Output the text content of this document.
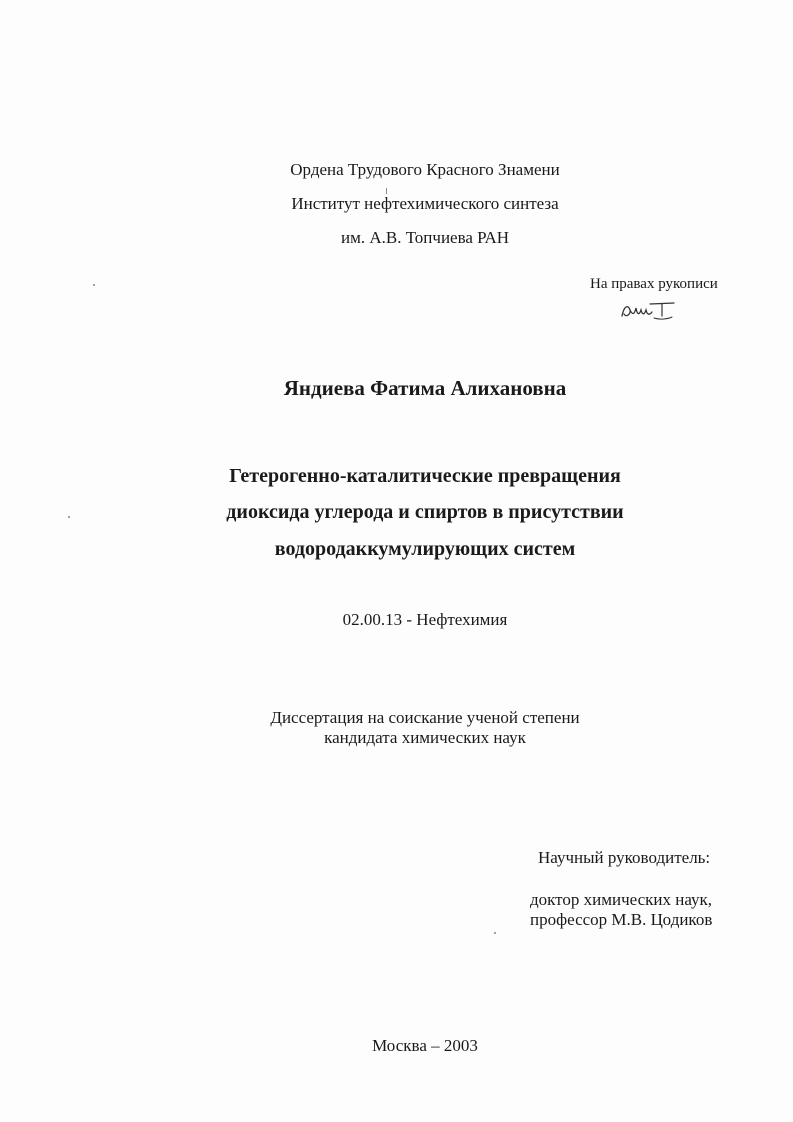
Ордена Трудового Красного Знамени
Институт нефтехимического синтеза
им. А.В. Топчиева РАН
На правах рукописи
Яндиева Фатима Алихановна
Гетерогенно-каталитические превращения
диоксида углерода и спиртов в присутствии
водородаккумулирующих систем
02.00.13 - Нефтехимия
Диссертация на соискание ученой степени
кандидата химических наук
Научный руководитель:
доктор химических наук,
профессор М.В. Цодиков
Москва – 2003
